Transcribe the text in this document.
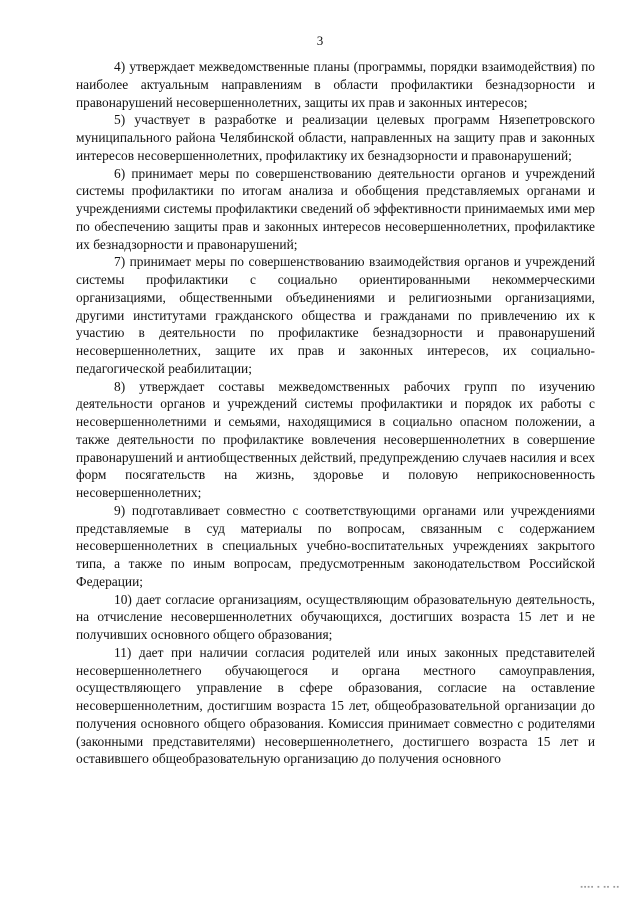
3

4) утверждает межведомственные планы (программы, порядки взаимодействия) по наиболее актуальным направлениям в области профилактики безнадзорности и правонарушений несовершеннолетних, защиты их прав и законных интересов;

5) участвует в разработке и реализации целевых программ Нязепетровского муниципального района Челябинской области, направленных на защиту прав и законных интересов несовершеннолетних, профилактику их безнадзорности и правонарушений;

6) принимает меры по совершенствованию деятельности органов и учреждений системы профилактики по итогам анализа и обобщения представляемых органами и учреждениями системы профилактики сведений об эффективности принимаемых ими мер по обеспечению защиты прав и законных интересов несовершеннолетних, профилактике их безнадзорности и правонарушений;

7) принимает меры по совершенствованию взаимодействия органов и учреждений системы профилактики с социально ориентированными некоммерческими организациями, общественными объединениями и религиозными организациями, другими институтами гражданского общества и гражданами по привлечению их к участию в деятельности по профилактике безнадзорности и правонарушений несовершеннолетних, защите их прав и законных интересов, их социально-педагогической реабилитации;

8) утверждает составы межведомственных рабочих групп по изучению деятельности органов и учреждений системы профилактики и порядок их работы с несовершеннолетними и семьями, находящимися в социально опасном положении, а также деятельности по профилактике вовлечения несовершеннолетних в совершение правонарушений и антиобщественных действий, предупреждению случаев насилия и всех форм посягательств на жизнь, здоровье и половую неприкосновенность несовершеннолетних;

9) подготавливает совместно с соответствующими органами или учреждениями представляемые в суд материалы по вопросам, связанным с содержанием несовершеннолетних в специальных учебно-воспитательных учреждениях закрытого типа, а также по иным вопросам, предусмотренным законодательством Российской Федерации;

10) дает согласие организациям, осуществляющим образовательную деятельность, на отчисление несовершеннолетних обучающихся, достигших возраста 15 лет и не получивших основного общего образования;

11) дает при наличии согласия родителей или иных законных представителей несовершеннолетнего обучающегося и органа местного самоуправления, осуществляющего управление в сфере образования, согласие на оставление несовершеннолетним, достигшим возраста 15 лет, общеобразовательной организации до получения основного общего образования. Комиссия принимает совместно с родителями (законными представителями) несовершеннолетнего, достигшего возраста 15 лет и оставившего общеобразовательную организацию до получения основного

▪▪▪▪ ▪ ▪▪ ▪▪
